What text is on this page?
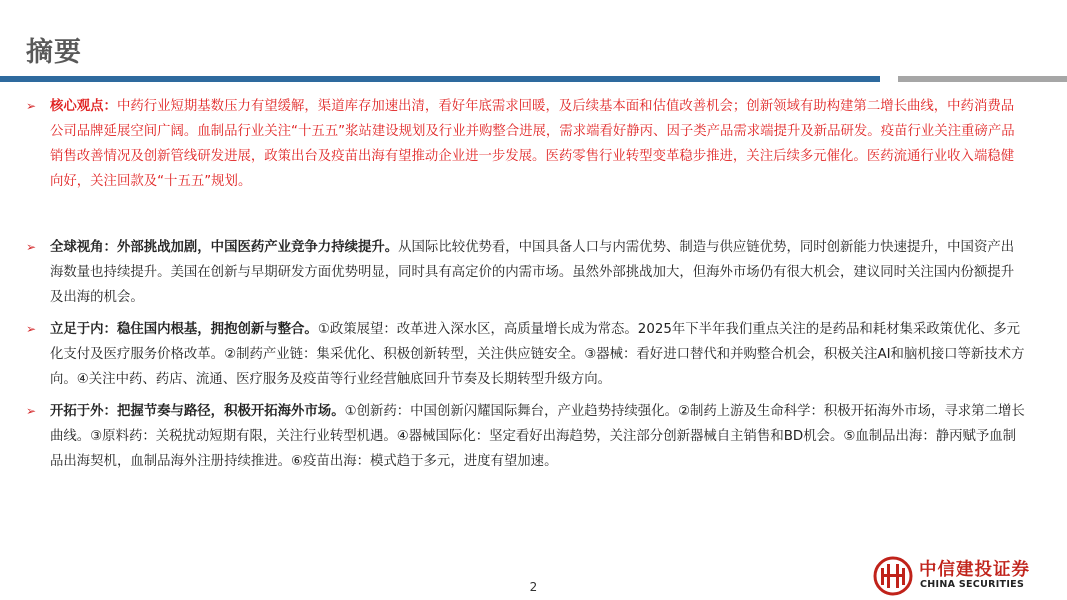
摘要
➢ 核心观点：中药行业短期基数压力有望缓解，渠道库存加速出清，看好年底需求回暖，及后续基本面和估值改善机会；创新领域有助构建第二增长曲线，中药消费品公司品牌延展空间广阔。血制品行业关注“十五五”浆站建设规划及行业并购整合进展，需求端看好静丙、因子类产品需求端提升及新品研发。疫苗行业关注重磅产品销售改善情况及创新管线研发进展，政策出台及疫苗出海有望推动企业进一步发展。医药零售行业转型变革稳步推进，关注后续多元催化。医药流通行业收入端稳健向好，关注回款及“十五五”规划。
➢ 全球视角：外部挑战加剧，中国医药产业竞争力持续提升。从国际比较优势看，中国具备人口与内需优势、制造与供应链优势，同时创新能力快速提升，中国资产出海数量也持续提升。美国在创新与早期研发方面优势明显，同时具有高定价的内需市场。虽然外部挑战加大，但海外市场仍有很大机会，建议同时关注国内份额提升及出海的机会。
➢ 立足于内：稳住国内根基，拥抱创新与整合。①政策展望：改革进入深水区，高质量增长成为常态。2025年下半年我们重点关注的是药品和耗材集采政策优化、多元化支付及医疗服务价格改革。②制药产业链：集采优化、积极创新转型，关注供应链安全。③器械：看好进口替代和并购整合机会，积极关注AI和脑机接口等新技术方向。④关注中药、药店、流通、医疗服务及疫苗等行业经营触底回升节奏及长期转型升级方向。
➢ 开拓于外：把握节奏与路径，积极开拓海外市场。①创新药：中国创新闪耀国际舞台，产业趋势持续强化。②制药上游及生命科学：积极开拓海外市场，寻求第二增长曲线。③原料药：关税扰动短期有限，关注行业转型机遇。④器械国际化：坚定看好出海趋势，关注部分创新器械自主销售和BD机会。⑤血制品出海：静丙赋予血制品出海契机，血制品海外注册持续推进。⑥疫苗出海：模式趋于多元，进度有望加速。
2
中信建投证券
CHINA SECURITIES
